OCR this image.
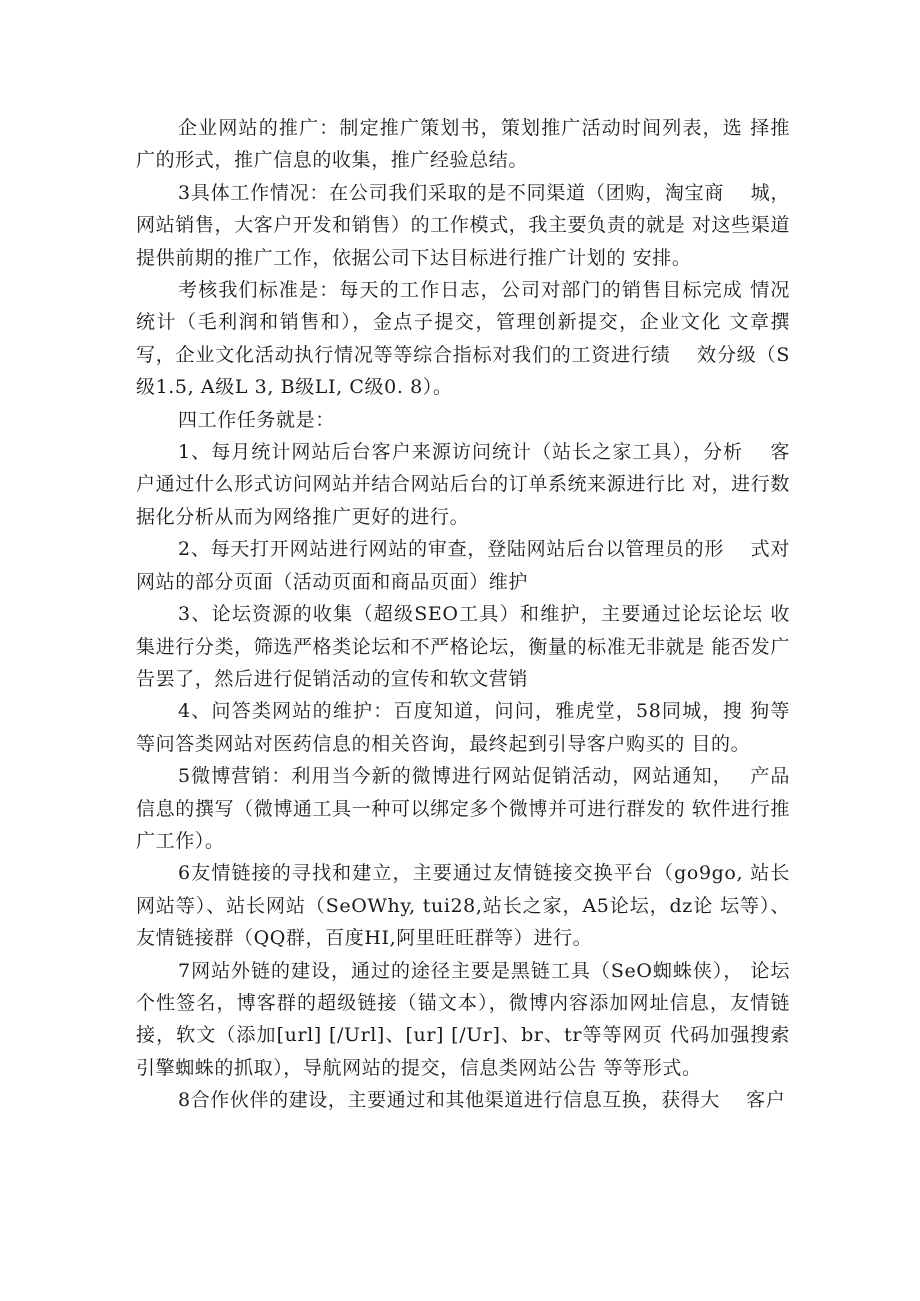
企业网站的推广：制定推广策划书，策划推广活动时间列表，选 择推广的形式，推广信息的收集，推广经验总结。

3具体工作情况：在公司我们采取的是不同渠道（团购，淘宝商　 城，网站销售，大客户开发和销售）的工作模式，我主要负责的就是 对这些渠道提供前期的推广工作，依据公司下达目标进行推广计划的 安排。

考核我们标准是：每天的工作日志，公司对部门的销售目标完成 情况统计（毛利润和销售和），金点子提交，管理创新提交，企业文化 文章撰写，企业文化活动执行情况等等综合指标对我们的工资进行绩　 效分级（S级1.5, A级L 3, B级LI, C级0. 8）。

四工作任务就是：

1、每月统计网站后台客户来源访问统计（站长之家工具），分析　 客户通过什么形式访问网站并结合网站后台的订单系统来源进行比 对，进行数据化分析从而为网络推广更好的进行。

2、每天打开网站进行网站的审查，登陆网站后台以管理员的形　 式对网站的部分页面（活动页面和商品页面）维护

3、论坛资源的收集（超级SEO工具）和维护，主要通过论坛论坛 收集进行分类，筛选严格类论坛和不严格论坛，衡量的标准无非就是 能否发广告罢了，然后进行促销活动的宣传和软文营销

4、问答类网站的维护：百度知道，问问，雅虎堂，58同城，搜 狗等等问答类网站对医药信息的相关咨询，最终起到引导客户购买的 目的。

5微博营销：利用当今新的微博进行网站促销活动，网站通知，　 产品信息的撰写（微博通工具一种可以绑定多个微博并可进行群发的 软件进行推广工作）。

6友情链接的寻找和建立，主要通过友情链接交换平台（go9go, 站长网站等）、站长网站（SeOWhy, tui28,站长之家，A5论坛，dz论 坛等）、友情链接群（QQ群，百度HI,阿里旺旺群等）进行。

7网站外链的建设，通过的途径主要是黑链工具（SeO蜘蛛侠）， 论坛个性签名，博客群的超级链接（锚文本），微博内容添加网址信息，友情链接，软文（添加[url] [/Url]、[ur] [/Ur]、br、tr等等网页 代码加强搜索引擎蜘蛛的抓取），导航网站的提交，信息类网站公告 等等形式。

8合作伙伴的建设，主要通过和其他渠道进行信息互换，获得大　 客户
